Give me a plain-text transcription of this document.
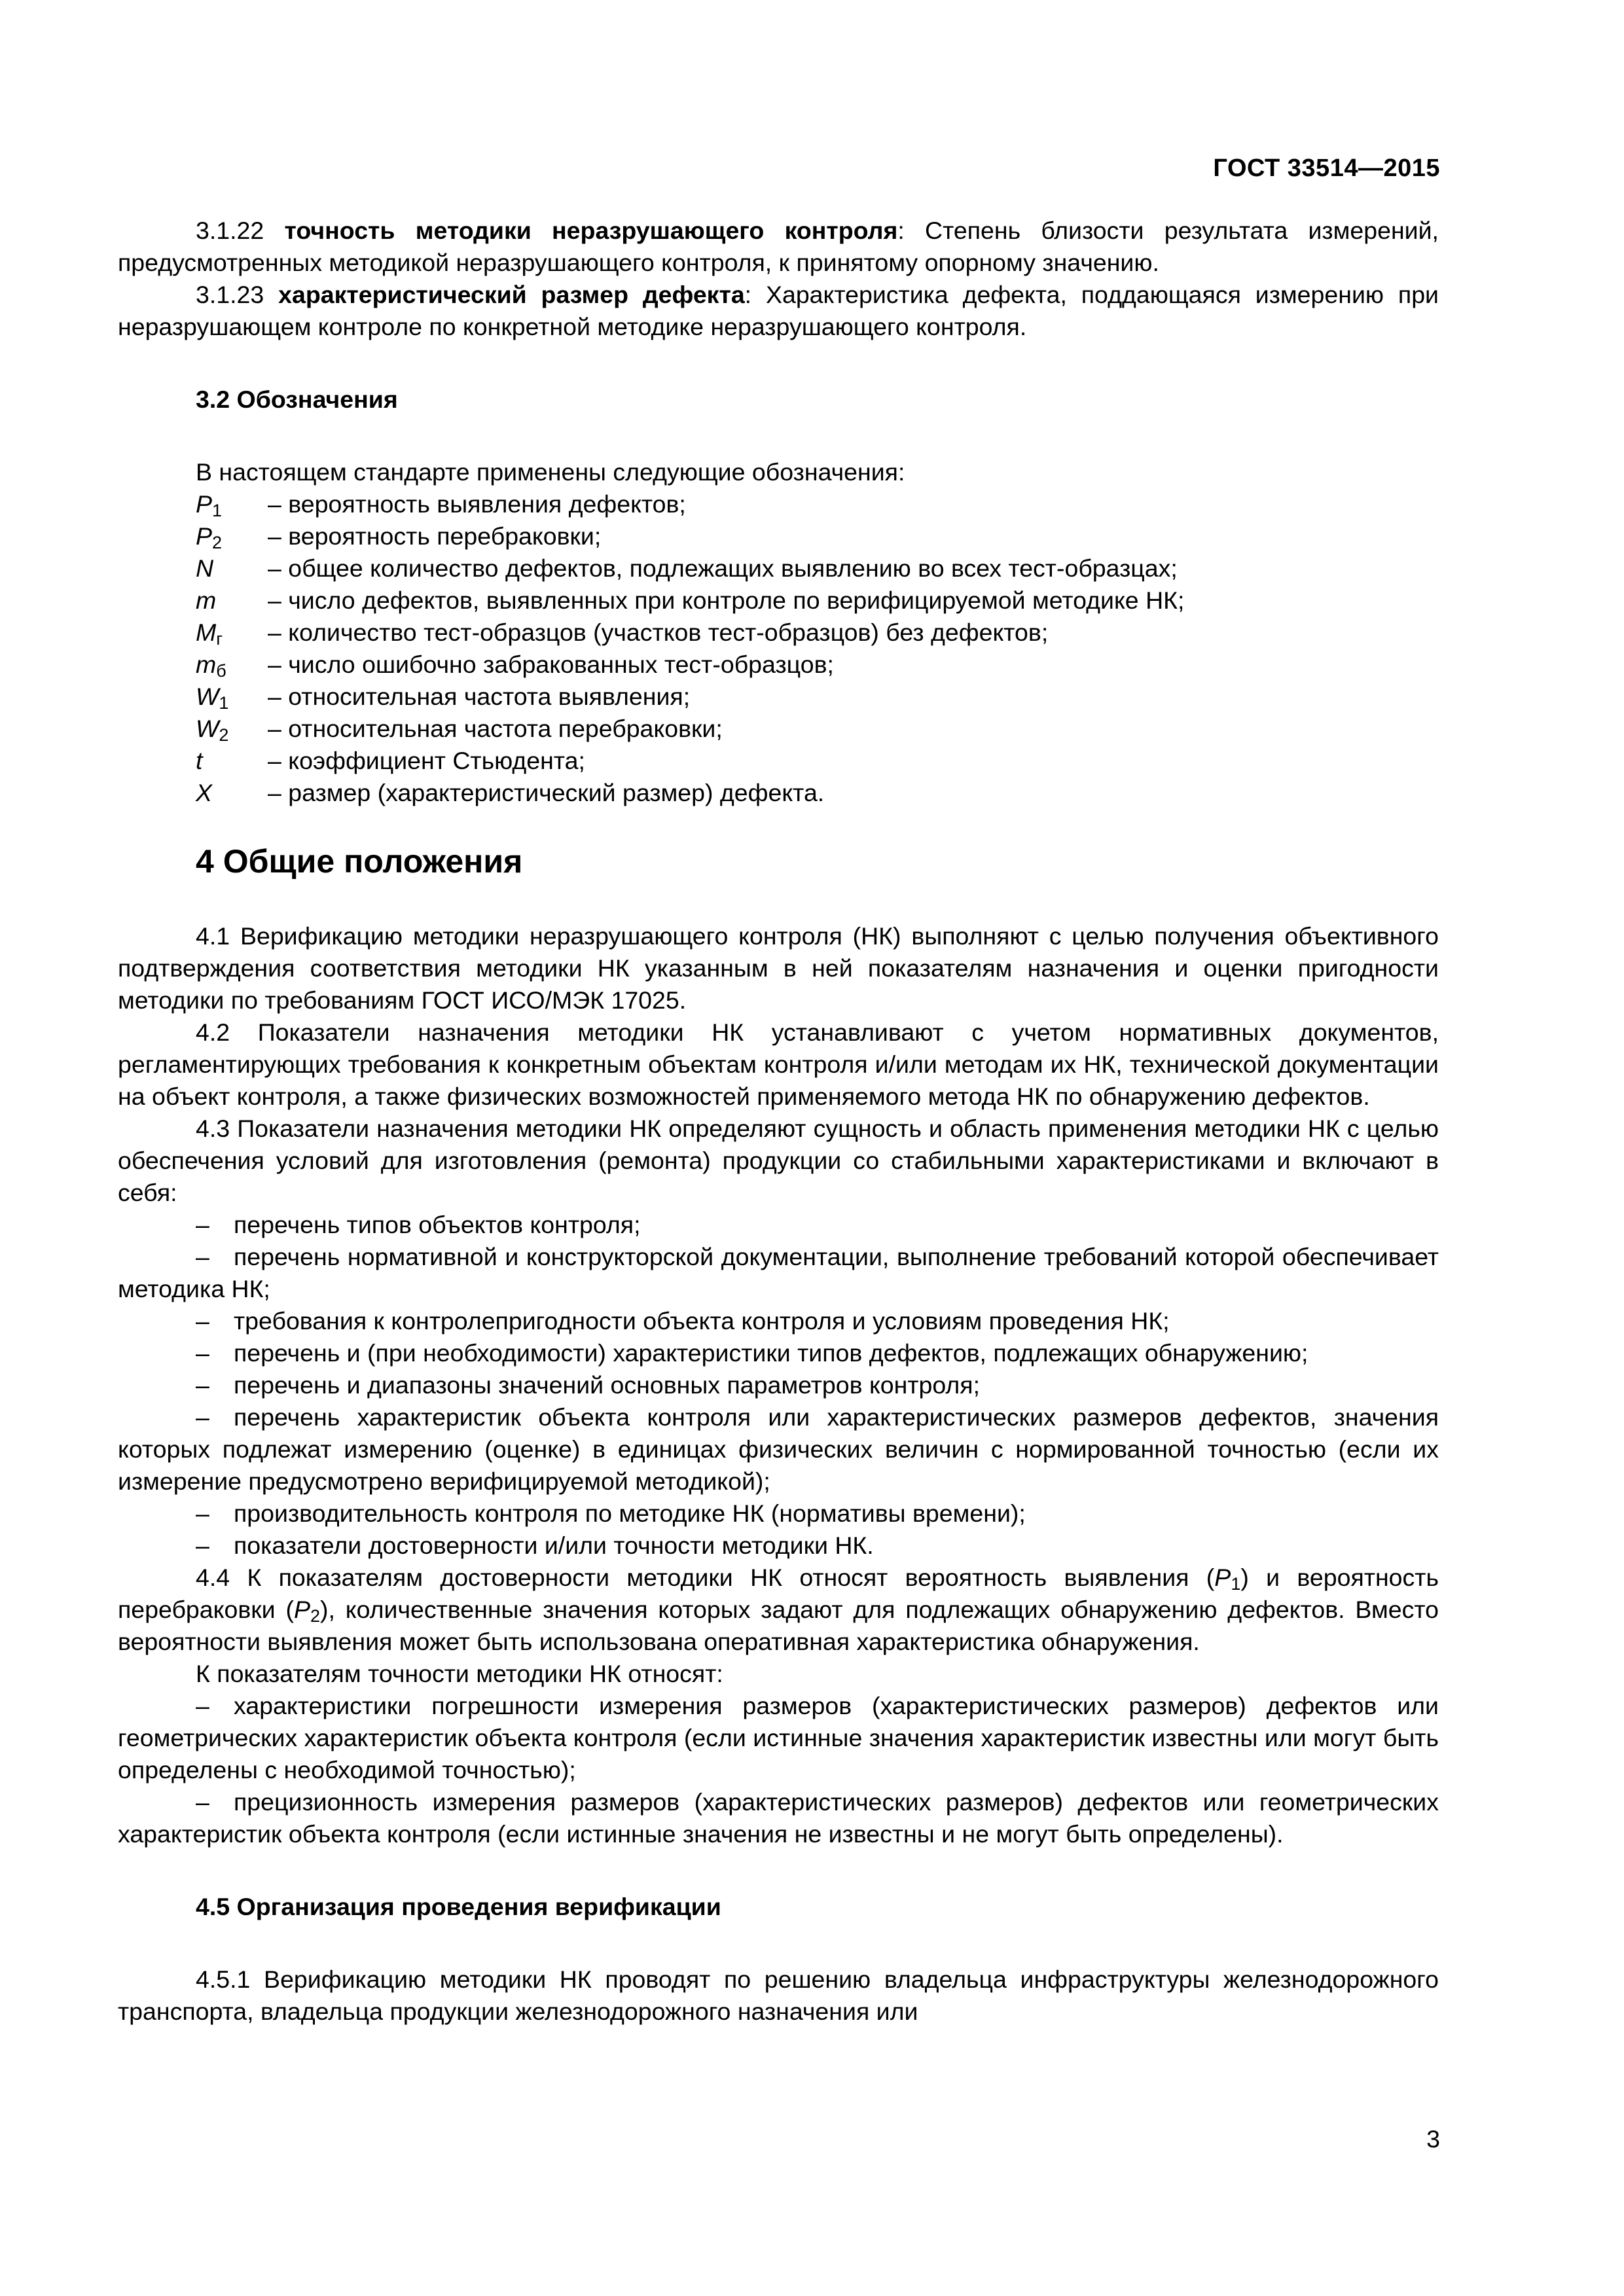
ГОСТ 33514—2015

3.1.22 точность методики неразрушающего контроля: Степень близости результата измерений, предусмотренных методикой неразрушающего контроля, к принятому опорному значению.

3.1.23 характеристический размер дефекта: Характеристика дефекта, поддающаяся измерению при неразрушающем контроле по конкретной методике неразрушающего контроля.

3.2 Обозначения

В настоящем стандарте применены следующие обозначения:

$P_1$	– вероятность выявления дефектов;
$P_2$	– вероятность перебраковки;
N	– общее количество дефектов, подлежащих выявлению во всех тест-образцах;
m	– число дефектов, выявленных при контроле по верифицируемой методике НК;
$M_г$	– количество тест-образцов (участков тест-образцов) без дефектов;
$m_б$	– число ошибочно забракованных тест-образцов;
$W_1$	– относительная частота выявления;
$W_2$	– относительная частота перебраковки;
t	– коэффициент Стьюдента;
X	– размер (характеристический размер) дефекта.
4 Общие положения

4.1 Верификацию методики неразрушающего контроля (НК) выполняют с целью получения объективного подтверждения соответствия методики НК указанным в ней показателям назначения и оценки пригодности методики по требованиям ГОСТ ИСО/МЭК 17025.

4.2 Показатели назначения методики НК устанавливают с учетом нормативных документов, регламентирующих требования к конкретным объектам контроля и/или методам их НК, технической документации на объект контроля, а также физических возможностей применяемого метода НК по обнаружению дефектов.

4.3 Показатели назначения методики НК определяют сущность и область применения методики НК с целью обеспечения условий для изготовления (ремонта) продукции со стабильными характеристиками и включают в себя:

– перечень типов объектов контроля;

– перечень нормативной и конструкторской документации, выполнение требований которой обеспечивает методика НК;

– требования к контролепригодности объекта контроля и условиям проведения НК;

– перечень и (при необходимости) характеристики типов дефектов, подлежащих обнаружению;

– перечень и диапазоны значений основных параметров контроля;

– перечень характеристик объекта контроля или характеристических размеров дефектов, значения которых подлежат измерению (оценке) в единицах физических величин с нормированной точностью (если их измерение предусмотрено верифицируемой методикой);

– производительность контроля по методике НК (нормативы времени);

– показатели достоверности и/или точности методики НК.

4.4 К показателям достоверности методики НК относят вероятность выявления $(P_1)$ и вероятность перебраковки $(P_2)$, количественные значения которых задают для подлежащих обнаружению дефектов. Вместо вероятности выявления может быть использована оперативная характеристика обнаружения.

К показателям точности методики НК относят:

– характеристики погрешности измерения размеров (характеристических размеров) дефектов или геометрических характеристик объекта контроля (если истинные значения характеристик известны или могут быть определены с необходимой точностью);

– прецизионность измерения размеров (характеристических размеров) дефектов или геометрических характеристик объекта контроля (если истинные значения не известны и не могут быть определены).

4.5 Организация проведения верификации

4.5.1 Верификацию методики НК проводят по решению владельца инфраструктуры железнодорожного транспорта, владельца продукции железнодорожного назначения или

3
